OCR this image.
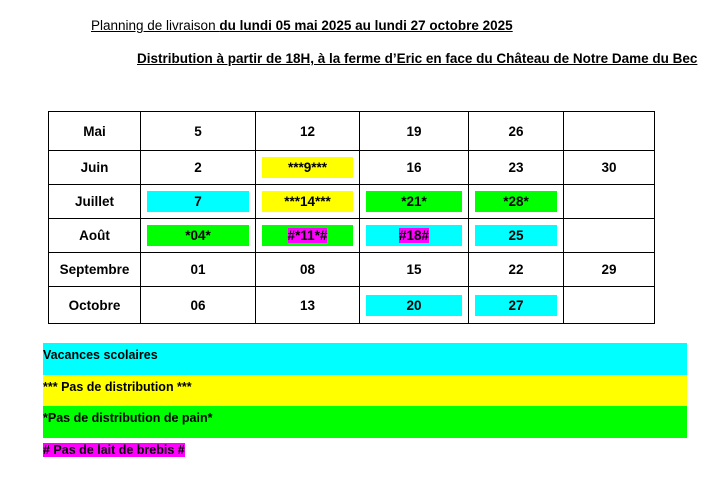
Planning de livraison du lundi 05 mai 2025 au lundi 27 octobre 2025
Distribution à partir de 18H, à la ferme d’Eric en face du Château de Notre Dame du Bec
Mai	5	12	19	26	
Juin	2	***9***	16	23	30
Juillet	7	***14***	*21*	*28*	

Août	*04*	#*11*#	#18#	25	

Septembre	01	08	15	22	29
Octobre	06	13	20	27	

Vacances scolaires
*** Pas de distribution ***
*Pas de distribution de pain*
# Pas de lait de brebis #
